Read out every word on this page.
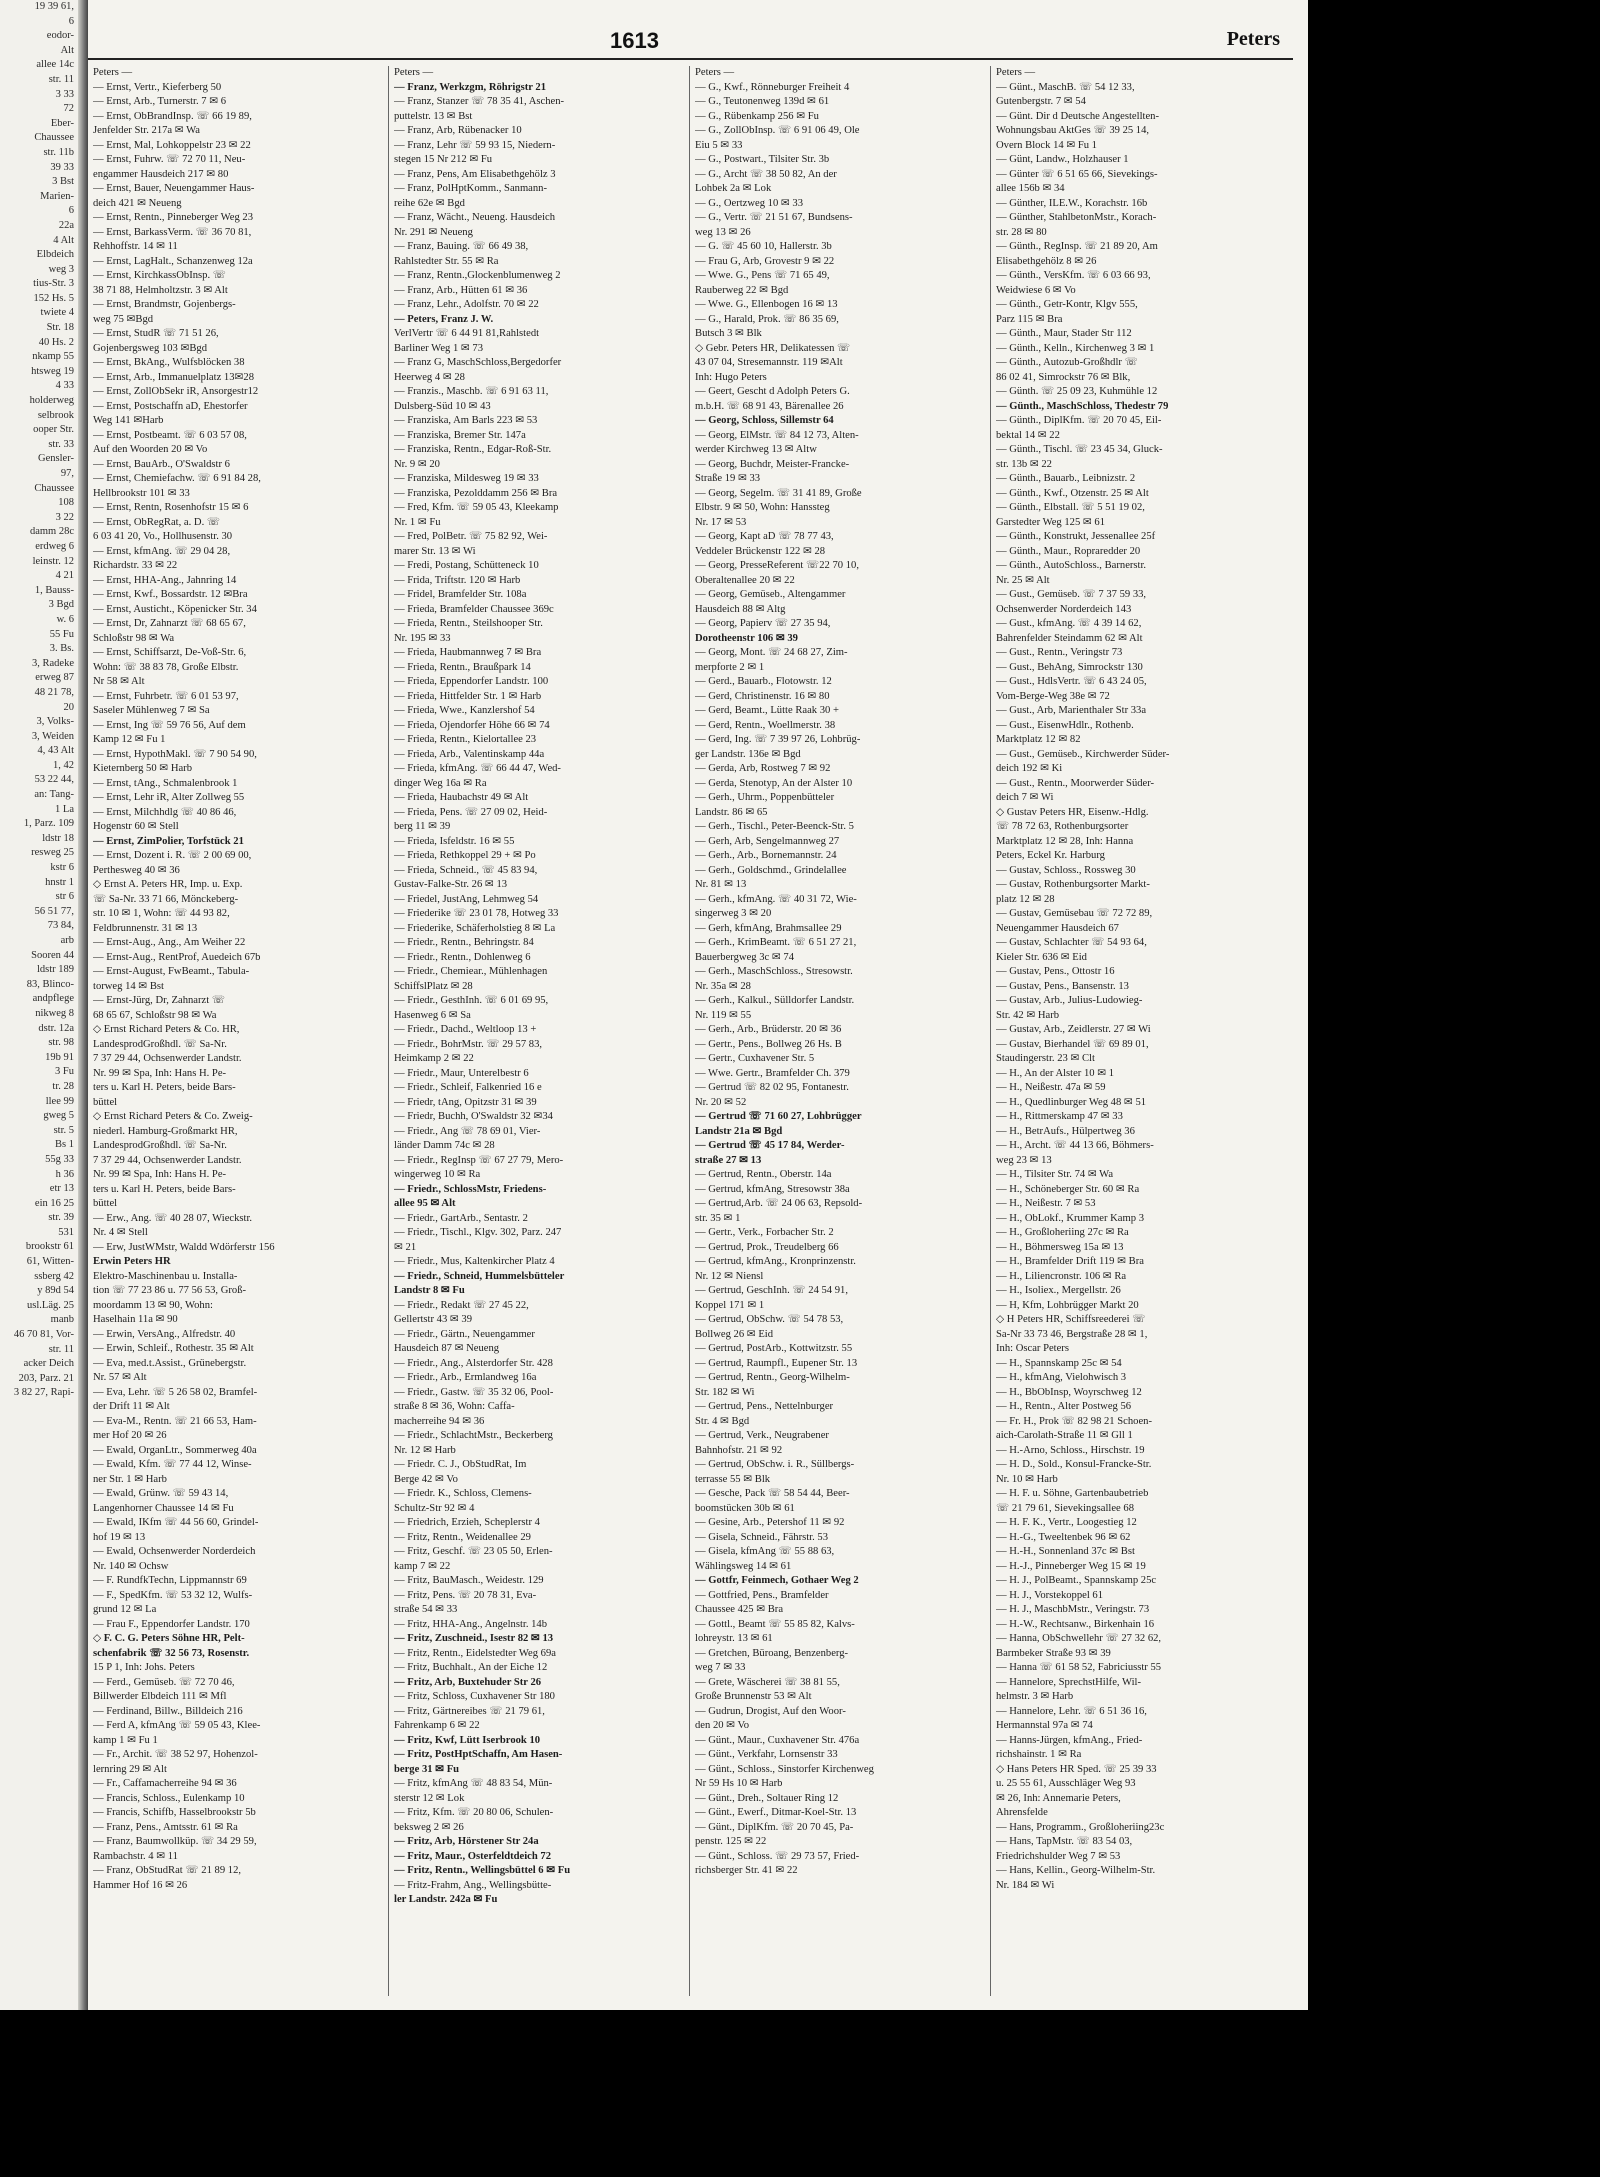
19 39 61,
6
eodor-
Alt
allee 14c
str. 11
3 33
72
Eber-
Chaussee
str. 11b
39 33
3 Bst
Marien-
6
22a
4 Alt
Elbdeich
weg 3
tius-Str. 3
152 Hs. 5
twiete 4
Str. 18
40 Hs. 2
nkamp 55
htsweg 19
4 33
holderweg
selbrook
ooper Str.
str. 33
Gensler-
97,
Chaussee
108
3 22
damm 28c
erdweg 6
leinstr. 12
4 21
1, Bauss-
3 Bgd
w. 6
55 Fu
3. Bs.
3, Radeke
erweg 87
48 21 78,
20
3, Volks-
3, Weiden
4, 43 Alt
1, 42
53 22 44,
an: Tang-
1 La
1, Parz. 109
ldstr 18
resweg 25
kstr 6
hnstr 1
str 6
56 51 77,
73 84,
arb
Sooren 44
ldstr 189
83, Blinco-
andpflege
nikweg 8
dstr. 12a
str. 98
19b 91
3 Fu
tr. 28
llee 99
gweg 5
str. 5
Bs 1
55g 33
h 36
etr 13
ein 16 25
str. 39
531
brookstr 61
61, Witten-
ssberg 42
y 89d 54
usl.Läg. 25
manb
46 70 81, Vor-
str. 11
acker Deich
203, Parz. 21
3 82 27, Rapi-
1613	Peters
Peters —
— Ernst, Vertr., Kieferberg 50
— Ernst, Arb., Turnerstr. 7 ✉ 6
— Ernst, ObBrandInsp. ☏ 66 19 89,
Jenfelder Str. 217a ✉ Wa
— Ernst, Mal, Lohkoppelstr 23 ✉ 22
— Ernst, Fuhrw. ☏ 72 70 11, Neu-
engammer Hausdeich 217 ✉ 80
— Ernst, Bauer, Neuengammer Haus-
deich 421 ✉ Neueng
— Ernst, Rentn., Pinneberger Weg 23
— Ernst, BarkassVerm. ☏ 36 70 81,
Rehhoffstr. 14 ✉ 11
— Ernst, LagHalt., Schanzenweg 12a
— Ernst, KirchkassObInsp. ☏
38 71 88, Helmholtzstr. 3 ✉ Alt
— Ernst, Brandmstr, Gojenbergs-
weg 75 ✉Bgd
— Ernst, StudR ☏ 71 51 26,
Gojenbergsweg 103 ✉Bgd
— Ernst, BkAng., Wulfsblöcken 38
— Ernst, Arb., Immanuelplatz 13✉28
— Ernst, ZollObSekr iR, Ansorgestr12
— Ernst, Postschaffn aD, Ehestorfer
Weg 141 ✉Harb
— Ernst, Postbeamt. ☏ 6 03 57 08,
Auf den Woorden 20 ✉ Vo
— Ernst, BauArb., O'Swaldstr 6
— Ernst, Chemiefachw. ☏ 6 91 84 28,
Hellbrookstr 101 ✉ 33
— Ernst, Rentn, Rosenhofstr 15 ✉ 6
— Ernst, ObRegRat, a. D. ☏
6 03 41 20, Vo., Hollhusenstr. 30
— Ernst, kfmAng. ☏ 29 04 28,
Richardstr. 33 ✉ 22
— Ernst, HHA-Ang., Jahnring 14
— Ernst, Kwf., Bossardstr. 12 ✉Bra
— Ernst, Austicht., Köpenicker Str. 34
— Ernst, Dr, Zahnarzt ☏ 68 65 67,
Schloßstr 98 ✉ Wa
— Ernst, Schiffsarzt, De-Voß-Str. 6,
Wohn: ☏ 38 83 78, Große Elbstr.
Nr 58 ✉ Alt
— Ernst, Fuhrbetr. ☏ 6 01 53 97,
Saseler Mühlenweg 7 ✉ Sa
— Ernst, Ing ☏ 59 76 56, Auf dem
Kamp 12 ✉ Fu 1
— Ernst, HypothMakl. ☏ 7 90 54 90,
Kieternberg 50 ✉ Harb
— Ernst, tAng., Schmalenbrook 1
— Ernst, Lehr iR, Alter Zollweg 55
— Ernst, Milchhdlg ☏ 40 86 46,
Hogenstr 60 ✉ Stell
— Ernst, ZimPolier, Torfstück 21
— Ernst, Dozent i. R. ☏ 2 00 69 00,
Perthesweg 40 ✉ 36
◇ Ernst A. Peters HR, Imp. u. Exp.
☏ Sa-Nr. 33 71 66, Mönckeberg-
str. 10 ✉ 1, Wohn: ☏ 44 93 82,
Feldbrunnenstr. 31 ✉ 13
— Ernst-Aug., Ang., Am Weiher 22
— Ernst-Aug., RentProf, Auedeich 67b
— Ernst-August, FwBeamt., Tabula-
torweg 14 ✉ Bst
— Ernst-Jürg, Dr, Zahnarzt ☏
68 65 67, Schloßstr 98 ✉ Wa
◇ Ernst Richard Peters & Co. HR,
LandesprodGroßhdl. ☏ Sa-Nr.
7 37 29 44, Ochsenwerder Landstr.
Nr. 99 ✉ Spa, Inh: Hans H. Pe-
ters u. Karl H. Peters, beide Bars-
büttel
◇ Ernst Richard Peters & Co. Zweig-
niederl. Hamburg-Großmarkt HR,
LandesprodGroßhdl. ☏ Sa-Nr.
7 37 29 44, Ochsenwerder Landstr.
Nr. 99 ✉ Spa, Inh: Hans H. Pe-
ters u. Karl H. Peters, beide Bars-
büttel
— Erw., Ang. ☏ 40 28 07, Wieckstr.
Nr. 4 ✉ Stell
— Erw, JustWMstr, Waldd Wdörferstr 156
Erwin Peters HR
Elektro-Maschinenbau u. Installa-
tion ☏ 77 23 86 u. 77 56 53, Groß-
moordamm 13 ✉ 90, Wohn:
Haselhain 11a ✉ 90
— Erwin, VersAng., Alfredstr. 40
— Erwin, Schleif., Rothestr. 35 ✉ Alt
— Eva, med.t.Assist., Grünebergstr.
Nr. 57 ✉ Alt
— Eva, Lehr. ☏ 5 26 58 02, Bramfel-
der Drift 11 ✉ Alt
— Eva-M., Rentn. ☏ 21 66 53, Ham-
mer Hof 20 ✉ 26
— Ewald, OrganLtr., Sommerweg 40a
— Ewald, Kfm. ☏ 77 44 12, Winse-
ner Str. 1 ✉ Harb
— Ewald, Grünw. ☏ 59 43 14,
Langenhorner Chaussee 14 ✉ Fu
— Ewald, IKfm ☏ 44 56 60, Grindel-
hof 19 ✉ 13
— Ewald, Ochsenwerder Norderdeich
Nr. 140 ✉ Ochsw
— F. RundfkTechn, Lippmannstr 69
— F., SpedKfm. ☏ 53 32 12, Wulfs-
grund 12 ✉ La
— Frau F., Eppendorfer Landstr. 170
◇ F. C. G. Peters Söhne HR, Pelt-
schenfabrik ☏ 32 56 73, Rosenstr.
15 P 1, Inh: Johs. Peters
— Ferd., Gemüseb. ☏ 72 70 46,
Billwerder Elbdeich 111 ✉ Mfl
— Ferdinand, Billw., Billdeich 216
— Ferd A, kfmAng ☏ 59 05 43, Klee-
kamp 1 ✉ Fu 1
— Fr., Archit. ☏ 38 52 97, Hohenzol-
lernring 29 ✉ Alt
— Fr., Caffamacherreihe 94 ✉ 36
— Francis, Schloss., Eulenkamp 10
— Francis, Schiffb, Hasselbrookstr 5b
— Franz, Pens., Amtsstr. 61 ✉ Ra
— Franz, Baumwollküp. ☏ 34 29 59,
Rambachstr. 4 ✉ 11
— Franz, ObStudRat ☏ 21 89 12,
Hammer Hof 16 ✉ 26
Peters —
— Franz, Werkzgm, Röhrigstr 21
— Franz, Stanzer ☏ 78 35 41, Aschen-
puttelstr. 13 ✉ Bst
— Franz, Arb, Rübenacker 10
— Franz, Lehr ☏ 59 93 15, Niedern-
stegen 15 Nr 212 ✉ Fu
— Franz, Pens, Am Elisabethgehölz 3
— Franz, PolHptKomm., Sanmann-
reihe 62e ✉ Bgd
— Franz, Wächt., Neueng. Hausdeich
Nr. 291 ✉ Neueng
— Franz, Bauing. ☏ 66 49 38,
Rahlstedter Str. 55 ✉ Ra
— Franz, Rentn.,Glockenblumenweg 2
— Franz, Arb., Hütten 61 ✉ 36
— Franz, Lehr., Adolfstr. 70 ✉ 22
— Peters, Franz J. W.
VerlVertr ☏ 6 44 91 81,Rahlstedt
Barliner Weg 1 ✉ 73
— Franz G, MaschSchloss,Bergedorfer
Heerweg 4 ✉ 28
— Franzis., Maschb. ☏ 6 91 63 11,
Dulsberg-Süd 10 ✉ 43
— Franziska, Am Barls 223 ✉ 53
— Franziska, Bremer Str. 147a
— Franziska, Rentn., Edgar-Roß-Str.
Nr. 9 ✉ 20
— Franziska, Mildesweg 19 ✉ 33
— Franziska, Pezolddamm 256 ✉ Bra
— Fred, Kfm. ☏ 59 05 43, Kleekamp
Nr. 1 ✉ Fu
— Fred, PolBetr. ☏ 75 82 92, Wei-
marer Str. 13 ✉ Wi
— Fredi, Postang, Schütteneck 10
— Frida, Triftstr. 120 ✉ Harb
— Fridel, Bramfelder Str. 108a
— Frieda, Bramfelder Chaussee 369c
— Frieda, Rentn., Steilshooper Str.
Nr. 195 ✉ 33
— Frieda, Haubmannweg 7 ✉ Bra
— Frieda, Rentn., Braußpark 14
— Frieda, Eppendorfer Landstr. 100
— Frieda, Hittfelder Str. 1 ✉ Harb
— Frieda, Wwe., Kanzlershof 54
— Frieda, Ojendorfer Höhe 66 ✉ 74
— Frieda, Rentn., Kielortallee 23
— Frieda, Arb., Valentinskamp 44a
— Frieda, kfmAng. ☏ 66 44 47, Wed-
dinger Weg 16a ✉ Ra
— Frieda, Haubachstr 49 ✉ Alt
— Frieda, Pens. ☏ 27 09 02, Heid-
berg 11 ✉ 39
— Frieda, Isfeldstr. 16 ✉ 55
— Frieda, Rethkoppel 29 + ✉ Po
— Frieda, Schneid., ☏ 45 83 94,
Gustav-Falke-Str. 26 ✉ 13
— Friedel, JustAng, Lehmweg 54
— Friederike ☏ 23 01 78, Hotweg 33
— Friederike, Schäferholstieg 8 ✉ La
— Friedr., Rentn., Behringstr. 84
— Friedr., Rentn., Dohlenweg 6
— Friedr., Chemiear., Mühlenhagen
SchiffslPlatz ✉ 28
— Friedr., GesthInh. ☏ 6 01 69 95,
Hasenweg 6 ✉ Sa
— Friedr., Dachd., Weltloop 13 +
— Friedr., BohrMstr. ☏ 29 57 83,
Heimkamp 2 ✉ 22
— Friedr., Maur, Unterelbestr 6
— Friedr., Schleif, Falkenried 16 e
— Friedr, tAng, Opitzstr 31 ✉ 39
— Friedr, Buchh, O'Swaldstr 32 ✉34
— Friedr., Ang ☏ 78 69 01, Vier-
länder Damm 74c ✉ 28
— Friedr., RegInsp ☏ 67 27 79, Mero-
wingerweg 10 ✉ Ra
— Friedr., SchlossMstr, Friedens-
allee 95 ✉ Alt
— Friedr., GartArb., Sentastr. 2
— Friedr., Tischl., Klgv. 302, Parz. 247
✉ 21
— Friedr., Mus, Kaltenkircher Platz 4
— Friedr., Schneid, Hummelsbütteler
Landstr 8 ✉ Fu
— Friedr., Redakt ☏ 27 45 22,
Gellertstr 43 ✉ 39
— Friedr., Gärtn., Neuengammer
Hausdeich 87 ✉ Neueng
— Friedr., Ang., Alsterdorfer Str. 428
— Friedr., Arb., Ermlandweg 16a
— Friedr., Gastw. ☏ 35 32 06, Pool-
straße 8 ✉ 36, Wohn: Caffa-
macherreihe 94 ✉ 36
— Friedr., SchlachtMstr., Beckerberg
Nr. 12 ✉ Harb
— Friedr. C. J., ObStudRat, Im
Berge 42 ✉ Vo
— Friedr. K., Schloss, Clemens-
Schultz-Str 92 ✉ 4
— Friedrich, Erzieh, Scheplerstr 4
— Fritz, Rentn., Weidenallee 29
— Fritz, Geschf. ☏ 23 05 50, Erlen-
kamp 7 ✉ 22
— Fritz, BauMasch., Weidestr. 129
— Fritz, Pens. ☏ 20 78 31, Eva-
straße 54 ✉ 33
— Fritz, HHA-Ang., Angelnstr. 14b
— Fritz, Zuschneid., Isestr 82 ✉ 13
— Fritz, Rentn., Eidelstedter Weg 69a
— Fritz, Buchhalt., An der Eiche 12
— Fritz, Arb, Buxtehuder Str 26
— Fritz, Schloss, Cuxhavener Str 180
— Fritz, Gärtnereibes ☏ 21 79 61,
Fahrenkamp 6 ✉ 22
— Fritz, Kwf, Lütt Iserbrook 10
— Fritz, PostHptSchaffn, Am Hasen-
berge 31 ✉ Fu
— Fritz, kfmAng ☏ 48 83 54, Mün-
sterstr 12 ✉ Lok
— Fritz, Kfm. ☏ 20 80 06, Schulen-
beksweg 2 ✉ 26
— Fritz, Arb, Hörstener Str 24a
— Fritz, Maur., Osterfeldtdeich 72
— Fritz, Rentn., Wellingsbüttel 6 ✉ Fu
— Fritz-Frahm, Ang., Wellingsbütte-
ler Landstr. 242a ✉ Fu
Peters —
— G., Kwf., Rönneburger Freiheit 4
— G., Teutonenweg 139d ✉ 61
— G., Rübenkamp 256 ✉ Fu
— G., ZollObInsp. ☏ 6 91 06 49, Ole
Eiu 5 ✉ 33
— G., Postwart., Tilsiter Str. 3b
— G., Archt ☏ 38 50 82, An der
Lohbek 2a ✉ Lok
— G., Oertzweg 10 ✉ 33
— G., Vertr. ☏ 21 51 67, Bundsens-
weg 13 ✉ 26
— G. ☏ 45 60 10, Hallerstr. 3b
— Frau G, Arb, Grovestr 9 ✉ 22
— Wwe. G., Pens ☏ 71 65 49,
Rauberweg 22 ✉ Bgd
— Wwe. G., Ellenbogen 16 ✉ 13
— G., Harald, Prok. ☏ 86 35 69,
Butsch 3 ✉ Blk
◇ Gebr. Peters HR, Delikatessen ☏
43 07 04, Stresemannstr. 119 ✉Alt
Inh: Hugo Peters
— Geert, Gescht d Adolph Peters G.
m.b.H. ☏ 68 91 43, Bärenallee 26
— Georg, Schloss, Sillemstr 64
— Georg, ElMstr. ☏ 84 12 73, Alten-
werder Kirchweg 13 ✉ Altw
— Georg, Buchdr, Meister-Francke-
Straße 19 ✉ 33
— Georg, Segelm. ☏ 31 41 89, Große
Elbstr. 9 ✉ 50, Wohn: Hanssteg
Nr. 17 ✉ 53
— Georg, Kapt aD ☏ 78 77 43,
Veddeler Brückenstr 122 ✉ 28
— Georg, PresseReferent ☏22 70 10,
Oberaltenallee 20 ✉ 22
— Georg, Gemüseb., Altengammer
Hausdeich 88 ✉ Altg
— Georg, Papierv ☏ 27 35 94,
Dorotheenstr 106 ✉ 39
— Georg, Mont. ☏ 24 68 27, Zim-
merpforte 2 ✉ 1
— Gerd., Bauarb., Flotowstr. 12
— Gerd, Christinenstr. 16 ✉ 80
— Gerd, Beamt., Lütte Raak 30 +
— Gerd, Rentn., Woellmerstr. 38
— Gerd, Ing. ☏ 7 39 97 26, Lohbrüg-
ger Landstr. 136e ✉ Bgd
— Gerda, Arb, Rostweg 7 ✉ 92
— Gerda, Stenotyp, An der Alster 10
— Gerh., Uhrm., Poppenbütteler
Landstr. 86 ✉ 65
— Gerh., Tischl., Peter-Beenck-Str. 5
— Gerh, Arb, Sengelmannweg 27
— Gerh., Arb., Bornemannstr. 24
— Gerh., Goldschmd., Grindelallee
Nr. 81 ✉ 13
— Gerh., kfmAng. ☏ 40 31 72, Wie-
singerweg 3 ✉ 20
— Gerh, kfmAng, Brahmsallee 29
— Gerh., KrimBeamt. ☏ 6 51 27 21,
Bauerbergweg 3c ✉ 74
— Gerh., MaschSchloss., Stresowstr.
Nr. 35a ✉ 28
— Gerh., Kalkul., Sülldorfer Landstr.
Nr. 119 ✉ 55
— Gerh., Arb., Brüderstr. 20 ✉ 36
— Gertr., Pens., Bollweg 26 Hs. B
— Gertr., Cuxhavener Str. 5
— Wwe. Gertr., Bramfelder Ch. 379
— Gertrud ☏ 82 02 95, Fontanestr.
Nr. 20 ✉ 52
— Gertrud ☏ 71 60 27, Lohbrügger
Landstr 21a ✉ Bgd
— Gertrud ☏ 45 17 84, Werder-
straße 27 ✉ 13
— Gertrud, Rentn., Oberstr. 14a
— Gertrud, kfmAng, Stresowstr 38a
— Gertrud,Arb. ☏ 24 06 63, Repsold-
str. 35 ✉ 1
— Gertr., Verk., Forbacher Str. 2
— Gertrud, Prok., Treudelberg 66
— Gertrud, kfmAng., Kronprinzenstr.
Nr. 12 ✉ Niensl
— Gertrud, GeschInh. ☏ 24 54 91,
Koppel 171 ✉ 1
— Gertrud, ObSchw. ☏ 54 78 53,
Bollweg 26 ✉ Eid
— Gertrud, PostArb., Kottwitzstr. 55
— Gertrud, Raumpfl., Eupener Str. 13
— Gertrud, Rentn., Georg-Wilhelm-
Str. 182 ✉ Wi
— Gertrud, Pens., Nettelnburger
Str. 4 ✉ Bgd
— Gertrud, Verk., Neugrabener
Bahnhofstr. 21 ✉ 92
— Gertrud, ObSchw. i. R., Süllbergs-
terrasse 55 ✉ Blk
— Gesche, Pack ☏ 58 54 44, Beer-
boomstücken 30b ✉ 61
— Gesine, Arb., Petershof 11 ✉ 92
— Gisela, Schneid., Fährstr. 53
— Gisela, kfmAng ☏ 55 88 63,
Wählingsweg 14 ✉ 61
— Gottfr, Feinmech, Gothaer Weg 2
— Gottfried, Pens., Bramfelder
Chaussee 425 ✉ Bra
— Gottl., Beamt ☏ 55 85 82, Kalvs-
lohreystr. 13 ✉ 61
— Gretchen, Büroang, Benzenberg-
weg 7 ✉ 33
— Grete, Wäscherei ☏ 38 81 55,
Große Brunnenstr 53 ✉ Alt
— Gudrun, Drogist, Auf den Woor-
den 20 ✉ Vo
— Günt., Maur., Cuxhavener Str. 476a
— Günt., Verkfahr, Lornsenstr 33
— Günt., Schloss., Sinstorfer Kirchenweg
Nr 59 Hs 10 ✉ Harb
— Günt., Dreh., Soltauer Ring 12
— Günt., Ewerf., Ditmar-Koel-Str. 13
— Günt., DiplKfm. ☏ 20 70 45, Pa-
penstr. 125 ✉ 22
— Günt., Schloss. ☏ 29 73 57, Fried-
richsberger Str. 41 ✉ 22
Peters —
— Günt., MaschB. ☏ 54 12 33,
Gutenbergstr. 7 ✉ 54
— Günt. Dir d Deutsche Angestellten-
Wohnungsbau AktGes ☏ 39 25 14,
Overn Block 14 ✉ Fu 1
— Günt, Landw., Holzhauser 1
— Günter ☏ 6 51 65 66, Sievekings-
allee 156b ✉ 34
— Günther, ILE.W., Korachstr. 16b
— Günther, StahlbetonMstr., Korach-
str. 28 ✉ 80
— Günth., RegInsp. ☏ 21 89 20, Am
Elisabethgehölz 8 ✉ 26
— Günth., VersKfm. ☏ 6 03 66 93,
Weidwiese 6 ✉ Vo
— Günth., Getr-Kontr, Klgv 555,
Parz 115 ✉ Bra
— Günth., Maur, Stader Str 112
— Günth., Kelln., Kirchenweg 3 ✉ 1
— Günth., Autozub-Großhdlr ☏
86 02 41, Simrockstr 76 ✉ Blk,
— Günth. ☏ 25 09 23, Kuhmühle 12
— Günth., MaschSchloss, Thedestr 79
— Günth., DiplKfm. ☏ 20 70 45, Eil-
bektal 14 ✉ 22
— Günth., Tischl. ☏ 23 45 34, Gluck-
str. 13b ✉ 22
— Günth., Bauarb., Leibnizstr. 2
— Günth., Kwf., Otzenstr. 25 ✉ Alt
— Günth., Elbstall. ☏ 5 51 19 02,
Garstedter Weg 125 ✉ 61
— Günth., Konstrukt, Jessenallee 25f
— Günth., Maur., Ropraredder 20
— Günth., AutoSchloss., Barnerstr.
Nr. 25 ✉ Alt
— Gust., Gemüseb. ☏ 7 37 59 33,
Ochsenwerder Norderdeich 143
— Gust., kfmAng. ☏ 4 39 14 62,
Bahrenfelder Steindamm 62 ✉ Alt
— Gust., Rentn., Veringstr 73
— Gust., BehAng, Simrockstr 130
— Gust., HdlsVertr. ☏ 6 43 24 05,
Vom-Berge-Weg 38e ✉ 72
— Gust., Arb, Marienthaler Str 33a
— Gust., EisenwHdlr., Rothenb.
Marktplatz 12 ✉ 82
— Gust., Gemüseb., Kirchwerder Süder-
deich 192 ✉ Ki
— Gust., Rentn., Moorwerder Süder-
deich 7 ✉ Wi
◇ Gustav Peters HR, Eisenw.-Hdlg.
☏ 78 72 63, Rothenburgsorter
Marktplatz 12 ✉ 28, Inh: Hanna
Peters, Eckel Kr. Harburg
— Gustav, Schloss., Rossweg 30
— Gustav, Rothenburgsorter Markt-
platz 12 ✉ 28
— Gustav, Gemüsebau ☏ 72 72 89,
Neuengammer Hausdeich 67
— Gustav, Schlachter ☏ 54 93 64,
Kieler Str. 636 ✉ Eid
— Gustav, Pens., Ottostr 16
— Gustav, Pens., Bansenstr. 13
— Gustav, Arb., Julius-Ludowieg-
Str. 42 ✉ Harb
— Gustav, Arb., Zeidlerstr. 27 ✉ Wi
— Gustav, Bierhandel ☏ 69 89 01,
Staudingerstr. 23 ✉ Clt
— H., An der Alster 10 ✉ 1
— H., Neißestr. 47a ✉ 59
— H., Quedlinburger Weg 48 ✉ 51
— H., Rittmerskamp 47 ✉ 33
— H., BetrAufs., Hülpertweg 36
— H., Archt. ☏ 44 13 66, Böhmers-
weg 23 ✉ 13
— H., Tilsiter Str. 74 ✉ Wa
— H., Schöneberger Str. 60 ✉ Ra
— H., Neißestr. 7 ✉ 53
— H., ObLokf., Krummer Kamp 3
— H., Großloheriing 27c ✉ Ra
— H., Böhmersweg 15a ✉ 13
— H., Bramfelder Drift 119 ✉ Bra
— H., Liliencronstr. 106 ✉ Ra
— H., Isoliex., Mergellstr. 26
— H, Kfm, Lohbrügger Markt 20
◇ H Peters HR, Schiffsreederei ☏
Sa-Nr 33 73 46, Bergstraße 28 ✉ 1,
Inh: Oscar Peters
— H., Spannskamp 25c ✉ 54
— H., kfmAng, Vielohwisch 3
— H., BbObInsp, Woyrschweg 12
— H., Rentn., Alter Postweg 56
— Fr. H., Prok ☏ 82 98 21 Schoen-
aich-Carolath-Straße 11 ✉ Gll 1
— H.-Arno, Schloss., Hirschstr. 19
— H. D., Sold., Konsul-Francke-Str.
Nr. 10 ✉ Harb
— H. F. u. Söhne, Gartenbaubetrieb
☏ 21 79 61, Sievekingsallee 68
— H. F. K., Vertr., Loogestieg 12
— H.-G., Tweeltenbek 96 ✉ 62
— H.-H., Sonnenland 37c ✉ Bst
— H.-J., Pinneberger Weg 15 ✉ 19
— H. J., PolBeamt., Spannskamp 25c
— H. J., Vorstekoppel 61
— H. J., MaschbMstr., Veringstr. 73
— H.-W., Rechtsanw., Birkenhain 16
— Hanna, ObSchwellehr ☏ 27 32 62,
Barmbeker Straße 93 ✉ 39
— Hanna ☏ 61 58 52, Fabriciusstr 55
— Hannelore, SprechstHilfe, Wil-
helmstr. 3 ✉ Harb
— Hannelore, Lehr. ☏ 6 51 36 16,
Hermannstal 97a ✉ 74
— Hanns-Jürgen, kfmAng., Fried-
richshainstr. 1 ✉ Ra
◇ Hans Peters HR Sped. ☏ 25 39 33
u. 25 55 61, Ausschläger Weg 93
✉ 26, Inh: Annemarie Peters,
Ahrensfelde
— Hans, Programm., Großloheriing23c
— Hans, TapMstr. ☏ 83 54 03,
Friedrichshulder Weg 7 ✉ 53
— Hans, Kellin., Georg-Wilhelm-Str.
Nr. 184 ✉ Wi
